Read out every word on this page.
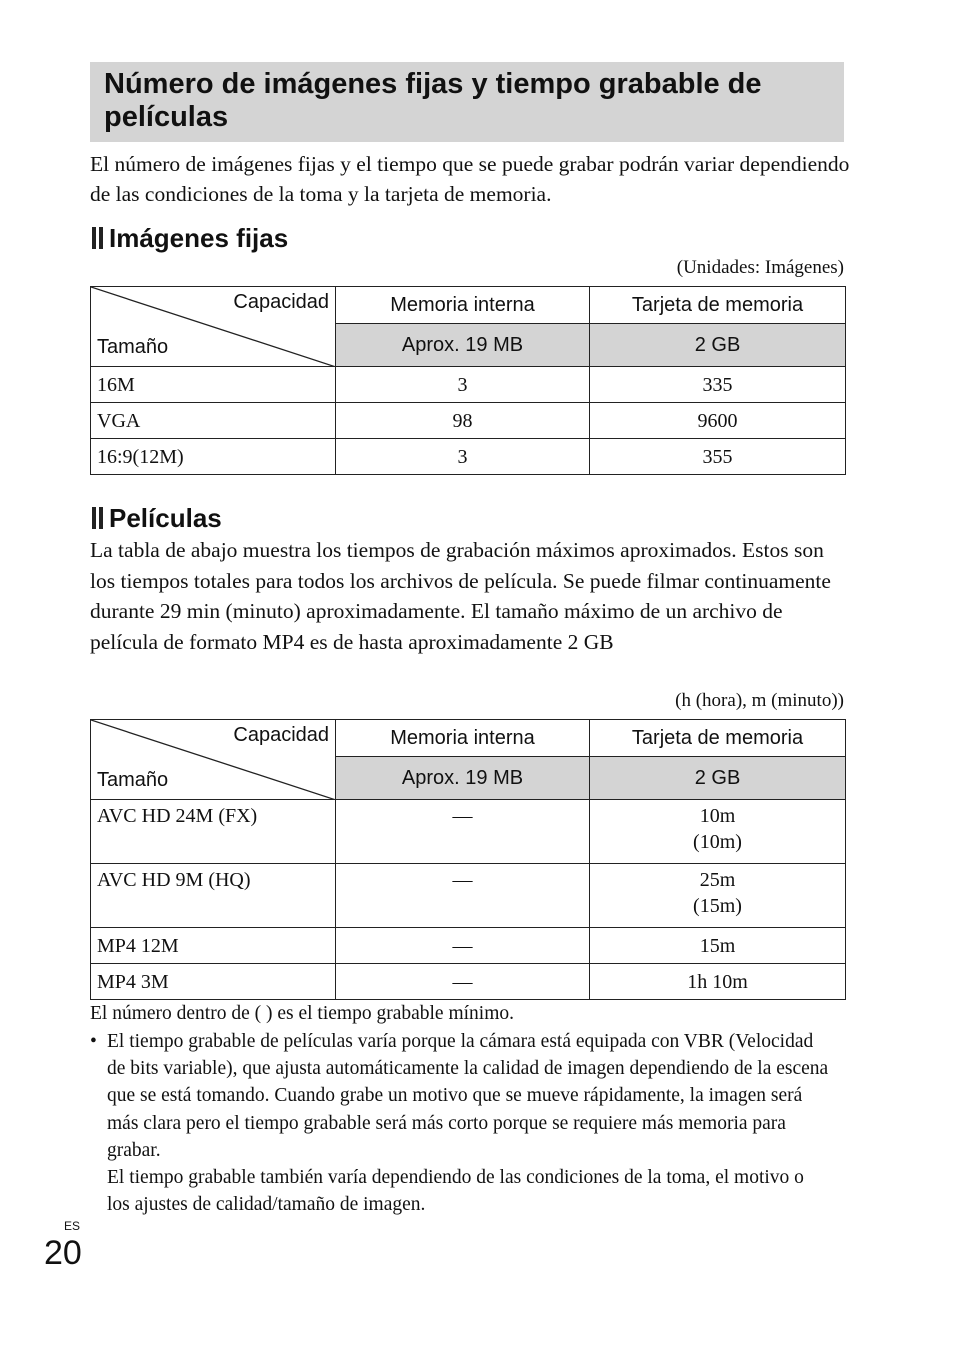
Número de imágenes fijas y tiempo grabable de películas
El número de imágenes fijas y el tiempo que se puede grabar podrán variar dependiendo de las condiciones de la toma y la tarjeta de memoria.
Imágenes fijas
(Unidades: Imágenes)
Capacidad
Tamaño	Memoria interna	Tarjeta de memoria
	Aprox. 19 MB	2 GB
16M	3	335
VGA	98	9600
16:9(12M)	3	355
Películas
La tabla de abajo muestra los tiempos de grabación máximos aproximados. Estos son los tiempos totales para todos los archivos de película. Se puede filmar continuamente durante 29 min (minuto) aproximadamente. El tamaño máximo de un archivo de película de formato MP4 es de hasta aproximadamente 2 GB
(h (hora), m (minuto))
Capacidad
Tamaño	Memoria interna	Tarjeta de memoria
	Aprox. 19 MB	2 GB
AVC HD 24M (FX)	—	10m
(10m)

AVC HD 9M (HQ)	—	25m
(15m)

MP4 12M	—	15m
MP4 3M	—	1h 10m
El número dentro de ( ) es el tiempo grabable mínimo.
• El tiempo grabable de películas varía porque la cámara está equipada con VBR (Velocidad de bits variable), que ajusta automáticamente la calidad de imagen dependiendo de la escena que se está tomando. Cuando grabe un motivo que se mueve rápidamente, la imagen será más clara pero el tiempo grabable será más corto porque se requiere más memoria para grabar.

El tiempo grabable también varía dependiendo de las condiciones de la toma, el motivo o los ajustes de calidad/tamaño de imagen.

ES
20
